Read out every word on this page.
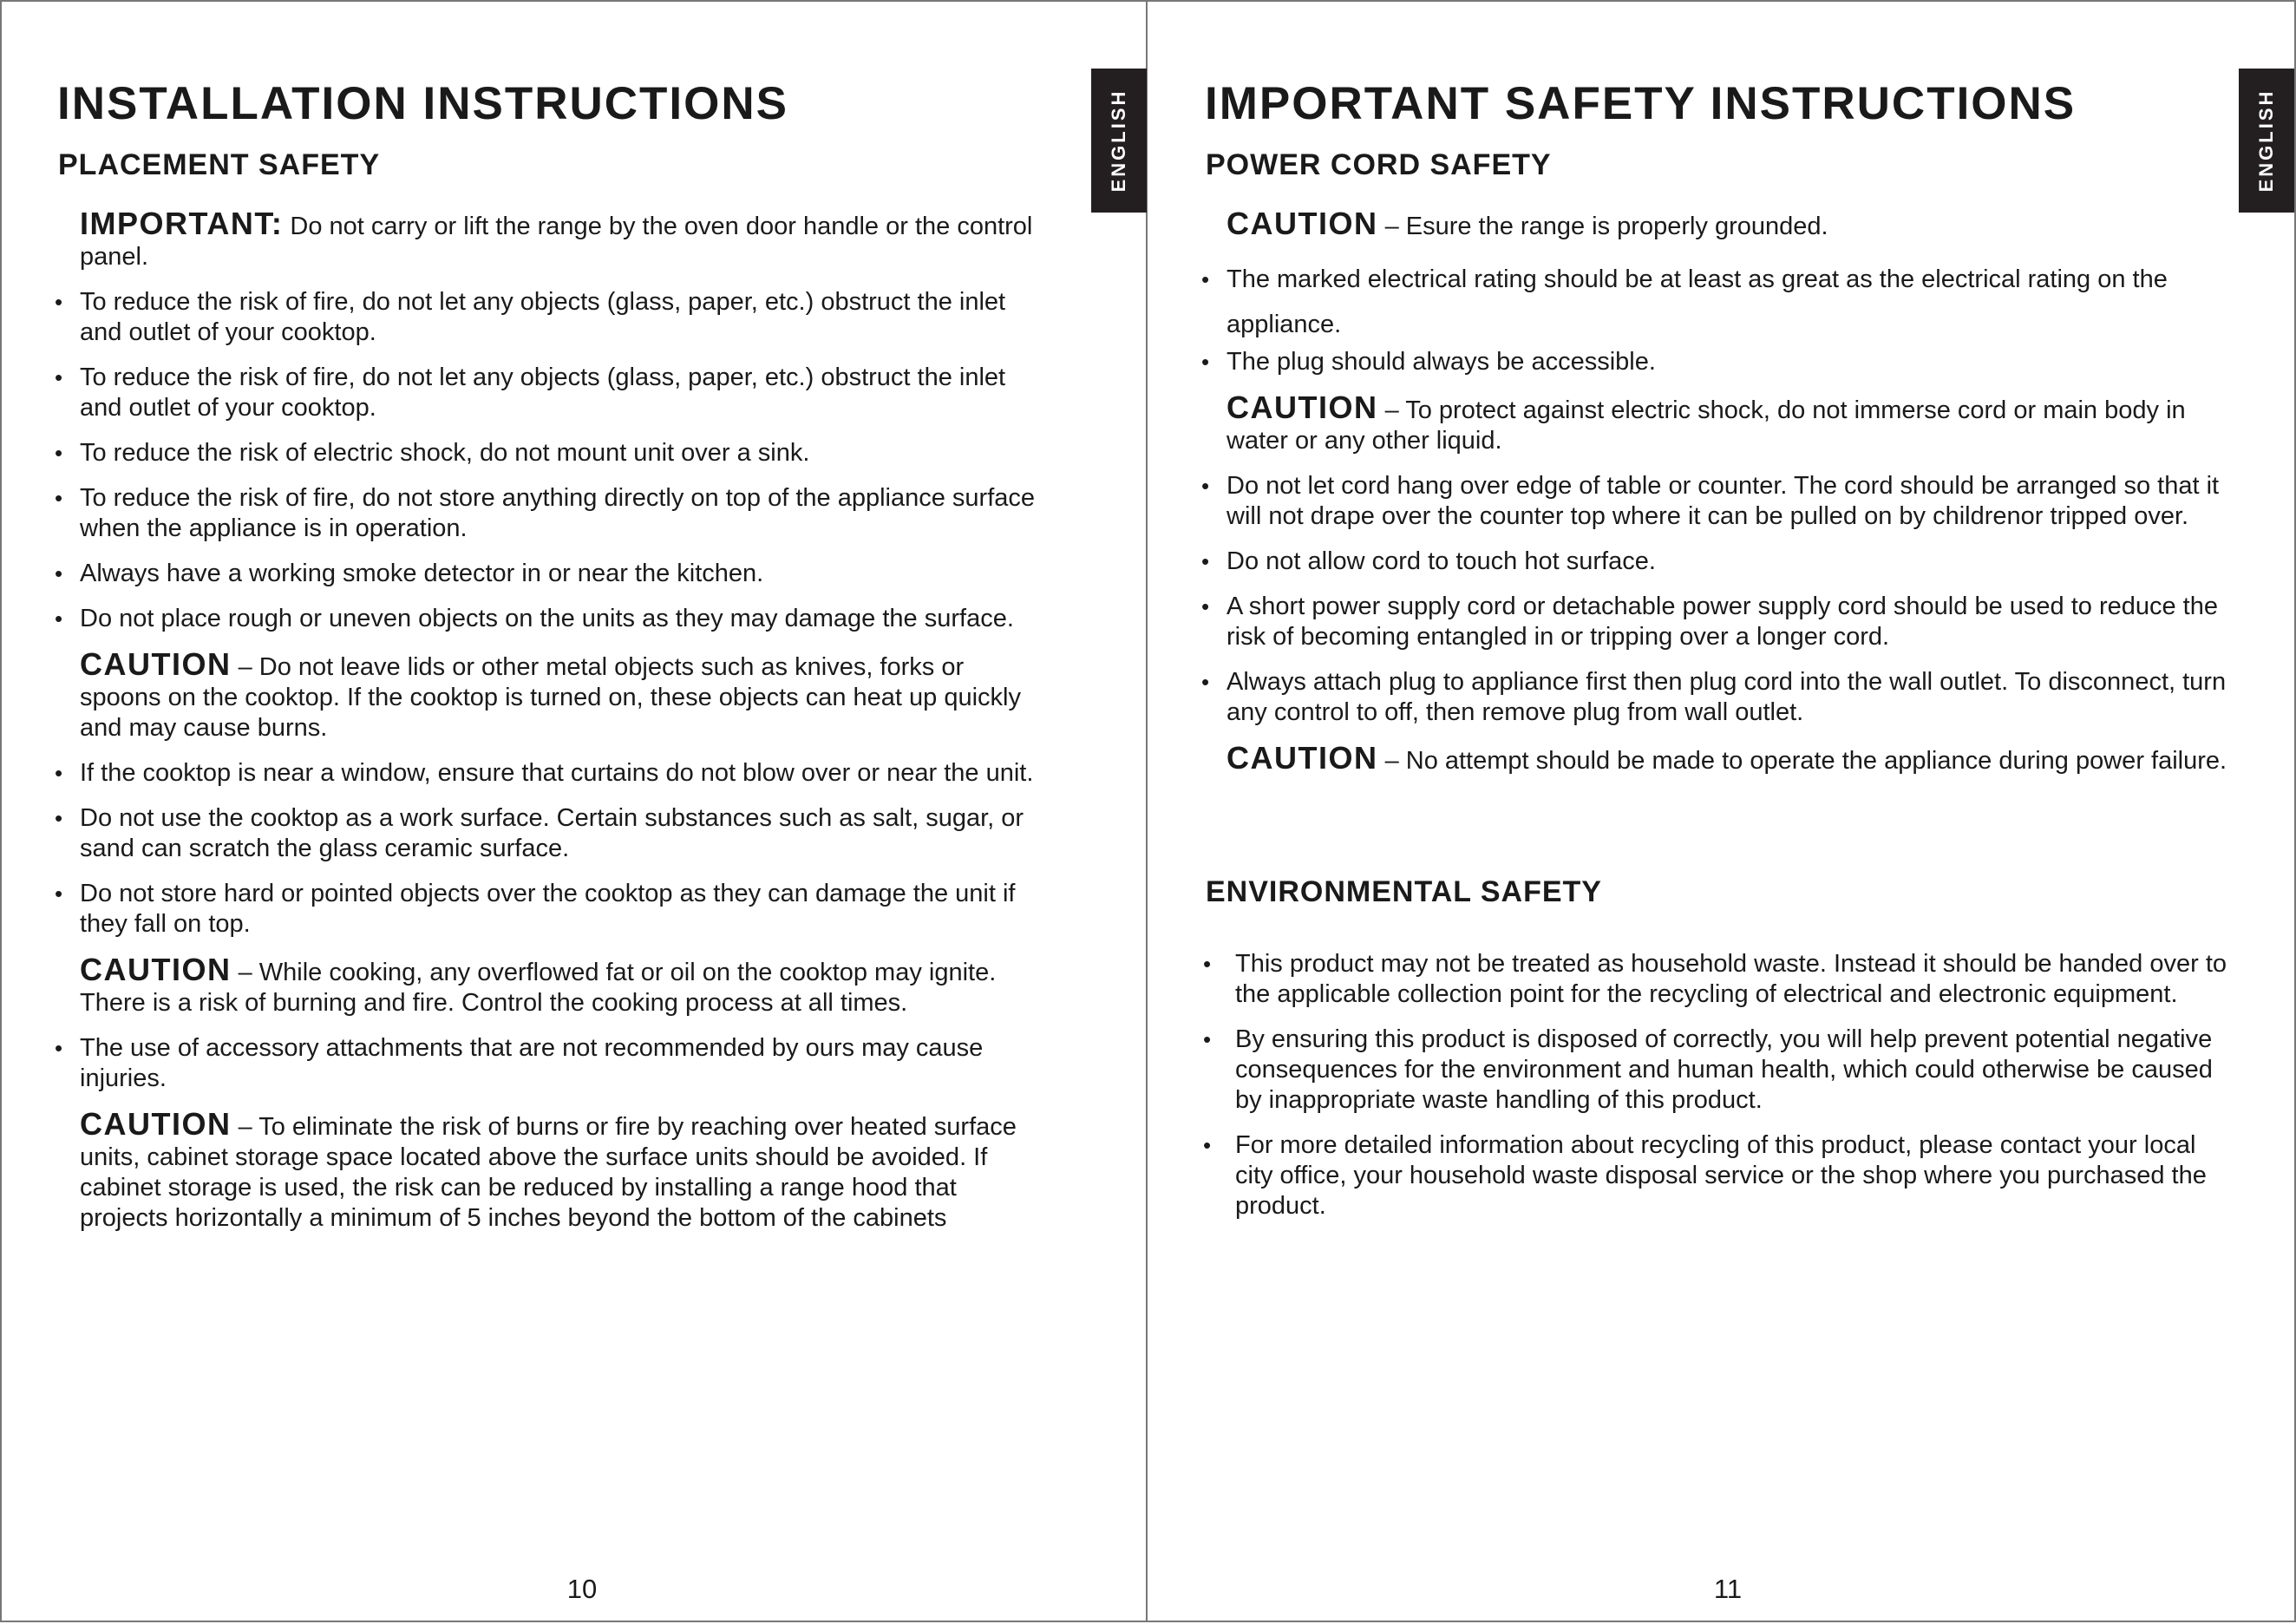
INSTALLATION INSTRUCTIONS
PLACEMENT SAFETY	ENGLISH
IMPORTANT: Do not carry or lift the range by the oven door handle or the control panel.
• To reduce the risk of fire, do not let any objects (glass, paper, etc.) obstruct the inlet and outlet of your cooktop.
• To reduce the risk of fire, do not let any objects (glass, paper, etc.) obstruct the inlet and outlet of your cooktop.
• To reduce the risk of electric shock, do not mount unit over a sink.
• To reduce the risk of fire, do not store anything directly on top of the appliance surface when the appliance is in operation.
• Always have a working smoke detector in or near the kitchen.
• Do not place rough or uneven objects on the units as they may damage the surface.
CAUTION – Do not leave lids or other metal objects such as knives, forks or spoons on the cooktop. If the cooktop is turned on, these objects can heat up quickly and may cause burns.
• If the cooktop is near a window, ensure that curtains do not blow over or near the unit.
• Do not use the cooktop as a work surface. Certain substances such as salt, sugar, or sand can scratch the glass ceramic surface.
• Do not store hard or pointed objects over the cooktop as they can damage the unit if they fall on top.
CAUTION – While cooking, any overflowed fat or oil on the cooktop may ignite. There is a risk of burning and fire. Control the cooking process at all times.
• The use of accessory attachments that are not recommended by ours may cause injuries.
CAUTION – To eliminate the risk of burns or fire by reaching over heated surface units, cabinet storage space located above the surface units should be avoided. If cabinet storage is used, the risk can be reduced by installing a range hood that projects horizontally a minimum of 5 inches beyond the bottom of the cabinets
10
IMPORTANT SAFETY INSTRUCTIONS
POWER CORD SAFETY	ENGLISH
CAUTION – Esure the range is properly grounded.
• The marked electrical rating should be at least as great as the electrical rating on the appliance.
• The plug should always be accessible.
CAUTION – To protect against electric shock, do not immerse cord or main body in water or any other liquid.
• Do not let cord hang over edge of table or counter. The cord should be arranged so that it will not drape over the counter top where it can be pulled on by childrenor tripped over.
• Do not allow cord to touch hot surface.
• A short power supply cord or detachable power supply cord should be used to reduce the risk of becoming entangled in or tripping over a longer cord.
• Always attach plug to appliance first then plug cord into the wall outlet. To disconnect, turn any control to off, then remove plug from wall outlet.
CAUTION – No attempt should be made to operate the appliance during power failure.
ENVIRONMENTAL SAFETY
• This product may not be treated as household waste. Instead it should be handed over to the applicable collection point for the recycling of electrical and electronic equipment.
• By ensuring this product is disposed of correctly, you will help prevent potential negative consequences for the environment and human health, which could otherwise be caused by inappropriate waste handling of this product.
• For more detailed information about recycling of this product, please contact your local city office, your household waste disposal service or the shop where you purchased the product.
11
